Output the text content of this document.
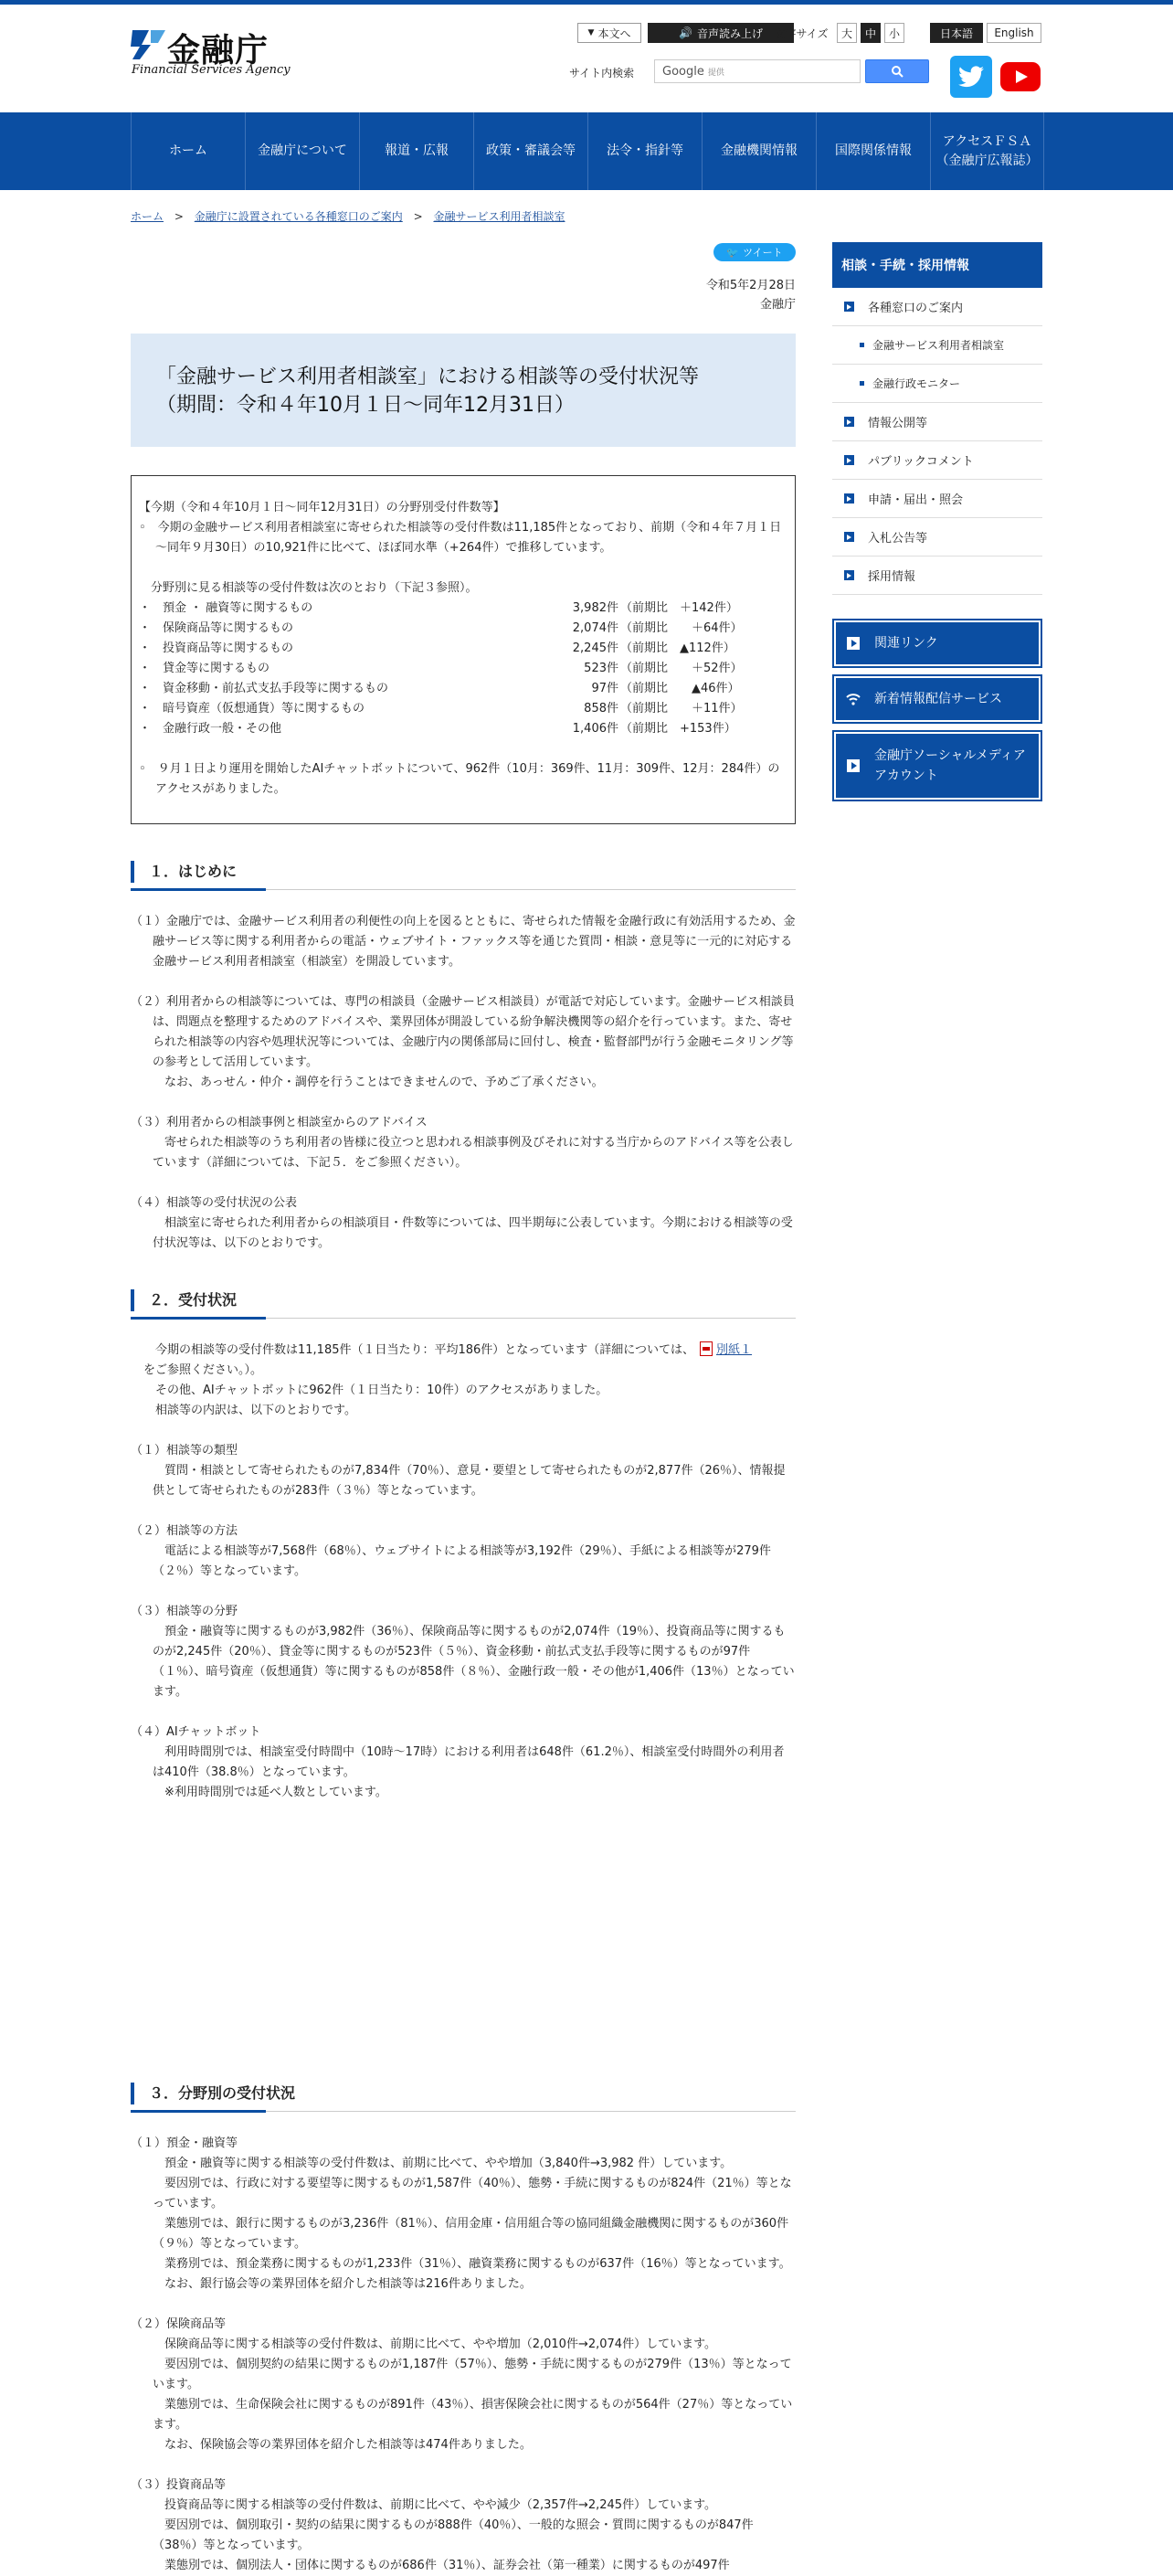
金融庁
Financial Services Agency
▼ 本文へ	🔊 音声読み上げ	文字サイズ	大	中	小	日本語	English
サイト内検索 Google 提供
ホーム	金融庁について	報道・広報	政策・審議会等	法令・指針等	金融機関情報	国際関係情報
アクセスＦＳＡ
（金融庁広報誌）
ホーム > 金融庁に設置されている各種窓口のご案内 > 金融サービス利用者相談室
🐦 ツイート
令和5年2月28日
金融庁
「金融サービス利用者相談室」における相談等の受付状況等
（期間：令和４年10月１日～同年12月31日）

【今期（令和４年10月１日～同年12月31日）の分野別受付件数等】

◦　今期の金融サービス利用者相談室に寄せられた相談等の受付件数は11,185件となっており、前期（令和４年７月１日～同年９月30日）の10,921件に比べて、ほぼ同水準（+264件）で推移しています。

　分野別に見る相談等の受付件数は次のとおり（下記３参照）。

・　預金 ・ 融資等に関するもの	3,982件 （前期比　＋142件）
・　保険商品等に関するもの	2,074件 （前期比　　＋64件）
・　投資商品等に関するもの	2,245件 （前期比　▲112件）
・　貸金等に関するもの	523件 （前期比　　＋52件）
・　資金移動・前払式支払手段等に関するもの	97件 （前期比　　▲46件）
・　暗号資産（仮想通貨）等に関するもの	858件 （前期比　　＋11件）
・　金融行政一般・その他	1,406件 （前期比　+153件）

◦　９月１日より運用を開始したAIチャットボットについて、962件（10月：369件、11月：309件、12月：284件）のアクセスがありました。

１．はじめに

（１）金融庁では、金融サービス利用者の利便性の向上を図るとともに、寄せられた情報を金融行政に有効活用するため、金融サービス等に関する利用者からの電話・ウェブサイト・ファックス等を通じた質問・相談・意見等に一元的に対応する金融サービス利用者相談室（相談室）を開設しています。

（２）利用者からの相談等については、専門の相談員（金融サービス相談員）が電話で対応しています。金融サービス相談員は、問題点を整理するためのアドバイスや、業界団体が開設している紛争解決機関等の紹介を行っています。また、寄せられた相談等の内容や処理状況等については、金融庁内の関係部局に回付し、検査・監督部門が行う金融モニタリング等の参考として活用しています。

　なお、あっせん・仲介・調停を行うことはできませんので、予めご了承ください。

（３）利用者からの相談事例と相談室からのアドバイス

　寄せられた相談等のうち利用者の皆様に役立つと思われる相談事例及びそれに対する当庁からのアドバイス等を公表しています（詳細については、下記５．をご参照ください）。

（４）相談等の受付状況の公表

　相談室に寄せられた利用者からの相談項目・件数等については、四半期毎に公表しています。今期における相談等の受付状況等は、以下のとおりです。

２．受付状況

　今期の相談等の受付件数は11,185件（１日当たり：平均186件）となっています（詳細については、 別紙１
をご参照ください。）。

　その他、AIチャットボットに962件（１日当たり：10件）のアクセスがありました。

　相談等の内訳は、以下のとおりです。

（１）相談等の類型

　質問・相談として寄せられたものが7,834件（70％）、意見・要望として寄せられたものが2,877件（26％）、情報提供として寄せられたものが283件（３％）等となっています。

（２）相談等の方法

　電話による相談等が7,568件（68％）、ウェブサイトによる相談等が3,192件（29％）、手紙による相談等が279件（２％）等となっています。

（３）相談等の分野

　預金・融資等に関するものが3,982件（36％）、保険商品等に関するものが2,074件（19％）、投資商品等に関するものが2,245件（20％）、貸金等に関するものが523件（５％）、資金移動・前払式支払手段等に関するものが97件（１％）、暗号資産（仮想通貨）等に関するものが858件（８％）、金融行政一般・その他が1,406件（13％）となっています。

（４）AIチャットボット

　利用時間別では、相談室受付時間中（10時～17時）における利用者は648件（61.2％）、相談室受付時間外の利用者は410件（38.8％）となっています。

　※利用時間別では延べ人数としています。

３．分野別の受付状況

（１）預金・融資等

　預金・融資等に関する相談等の受付件数は、前期に比べて、やや増加（3,840件→3,982 件）しています。

　要因別では、行政に対する要望等に関するものが1,587件（40％）、態勢・手続に関するものが824件（21％）等となっています。

　業態別では、銀行に関するものが3,236件（81％）、信用金庫・信用組合等の協同組織金融機関に関するものが360件（９％）等となっています。

　業務別では、預金業務に関するものが1,233件（31％）、融資業務に関するものが637件（16％）等となっています。

　なお、銀行協会等の業界団体を紹介した相談等は216件ありました。

（２）保険商品等

　保険商品等に関する相談等の受付件数は、前期に比べて、やや増加（2,010件→2,074件）しています。

　要因別では、個別契約の結果に関するものが1,187件（57％）、態勢・手続に関するものが279件（13％）等となっています。

　業態別では、生命保険会社に関するものが891件（43％）、損害保険会社に関するものが564件（27％）等となっています。

　なお、保険協会等の業界団体を紹介した相談等は474件ありました。

（３）投資商品等

　投資商品等に関する相談等の受付件数は、前期に比べて、やや減少（2,357件→2,245件）しています。

　要因別では、個別取引・契約の結果に関するものが888件（40％）、一般的な照会・質問に関するものが847件（38％）等となっています。

　業態別では、個別法人・団体に関するものが686件（31％）、証券会社（第一種業）に関するものが497件

相談・手続・採用情報
各種窓口のご案内
金融サービス利用者相談室
金融行政モニター
情報公開等
パブリックコメント
申請・届出・照会
入札公告等
採用情報
関連リンク
新着情報配信サービス
金融庁ソーシャルメディアアカウント
